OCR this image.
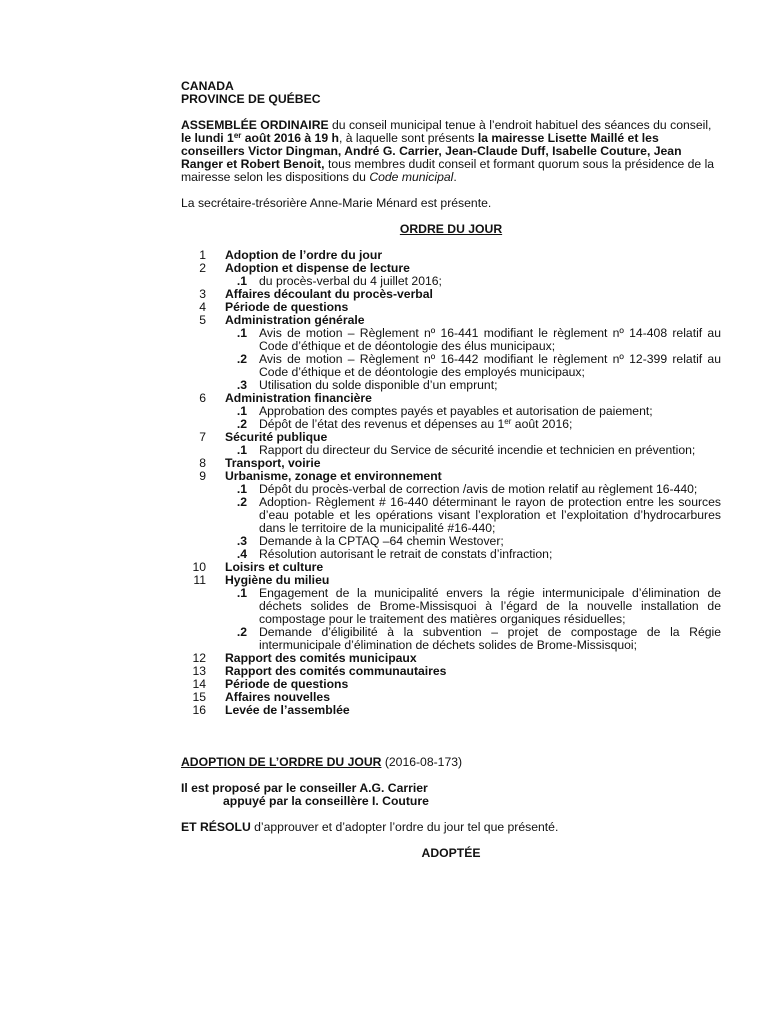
CANADA
PROVINCE DE QUÉBEC

ASSEMBLÉE ORDINAIRE du conseil municipal tenue à l’endroit habituel des séances du conseil, le lundi 1er août 2016 à 19 h, à laquelle sont présents la mairesse Lisette Maillé et les conseillers Victor Dingman, André G. Carrier, Jean-Claude Duff, Isabelle Couture, Jean Ranger et Robert Benoit, tous membres dudit conseil et formant quorum sous la présidence de la mairesse selon les dispositions du Code municipal.

La secrétaire-trésorière Anne-Marie Ménard est présente.

ORDRE DU JOUR
1 Adoption de l’ordre du jour
2 Adoption et dispense de lecture
.1 du procès-verbal du 4 juillet 2016;
3 Affaires découlant du procès-verbal
4 Période de questions
5 Administration générale
.1 Avis de motion – Règlement nº 16-441 modifiant le règlement nº 14-408 relatif au Code d’éthique et de déontologie des élus municipaux;
.2 Avis de motion – Règlement nº 16-442 modifiant le règlement nº 12-399 relatif au Code d’éthique et de déontologie des employés municipaux;
.3 Utilisation du solde disponible d’un emprunt;
6 Administration financière
.1 Approbation des comptes payés et payables et autorisation de paiement;
.2 Dépôt de l’état des revenus et dépenses au 1er août 2016;
7 Sécurité publique
.1 Rapport du directeur du Service de sécurité incendie et technicien en prévention;
8 Transport, voirie
9 Urbanisme, zonage et environnement
.1 Dépôt du procès-verbal de correction /avis de motion relatif au règlement 16-440;
.2 Adoption- Règlement # 16-440 déterminant le rayon de protection entre les sources d’eau potable et les opérations visant l’exploration et l’exploitation d’hydrocarbures dans le territoire de la municipalité #16-440;
.3 Demande à la CPTAQ –64 chemin Westover;
.4 Résolution autorisant le retrait de constats d’infraction;
10 Loisirs et culture
11 Hygiène du milieu
.1 Engagement de la municipalité envers la régie intermunicipale d’élimination de déchets solides de Brome-Missisquoi à l’égard de la nouvelle installation de compostage pour le traitement des matières organiques résiduelles;
.2 Demande d’éligibilité à la subvention – projet de compostage de la Régie intermunicipale d’élimination de déchets solides de Brome-Missisquoi;
12 Rapport des comités municipaux
13 Rapport des comités communautaires
14 Période de questions
15 Affaires nouvelles
16 Levée de l’assemblée

ADOPTION DE L’ORDRE DU JOUR (2016-08-173)

Il est proposé par le conseiller A.G. Carrier

appuyé par la conseillère I. Couture

ET RÉSOLU d’approuver et d’adopter l’ordre du jour tel que présenté.

ADOPTÉE
